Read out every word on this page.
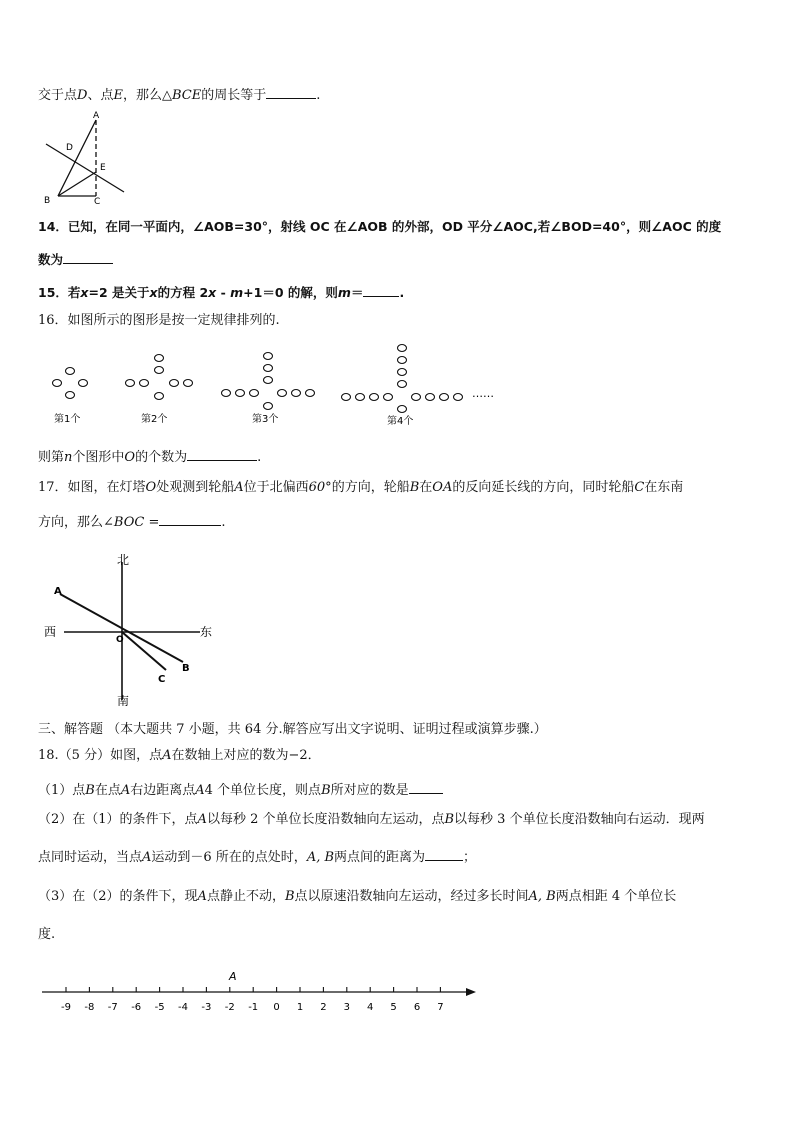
交于点D、点E，那么△BCE的周长等于	.
A
D
E
B	C
14．已知，在同一平面内，∠AOB=30°，射线 OC 在∠AOB 的外部，OD 平分∠AOC,若∠BOD=40°，则∠AOC 的度
数为
15．若x=2 是关于x的方程 2x - m+1＝0 的解，则m＝	.
16．如图所示的图形是按一定规律排列的.
第1个	第2个	第3个	第4个
……
则第n个图形中O的个数为	.
17．如图，在灯塔O处观测到轮船A位于北偏西60°的方向，轮船B在OA的反向延长线的方向，同时轮船C在东南
方向，那么∠BOC =	.
北
南
西	东
O
A
B
C
三、解答题 （本大题共 7 小题，共 64 分.解答应写出文字说明、证明过程或演算步骤.）
18.（5 分）如图，点A在数轴上对应的数为−2．
（1）点B在点A右边距离点A4 个单位长度，则点B所对应的数是
（2）在（1）的条件下，点A以每秒 2 个单位长度沿数轴向左运动，点B以每秒 3 个单位长度沿数轴向右运动．现两
点同时运动，当点A运动到－6 所在的点处时，A, B两点间的距离为	；
（3）在（2）的条件下，现A点静止不动，B点以原速沿数轴向左运动，经过多长时间A, B两点相距 4 个单位长
度.
-9 -8 -7 -6 -5 -4 -3 -2 -1 0 1 2 3 4 5 6 7
A
